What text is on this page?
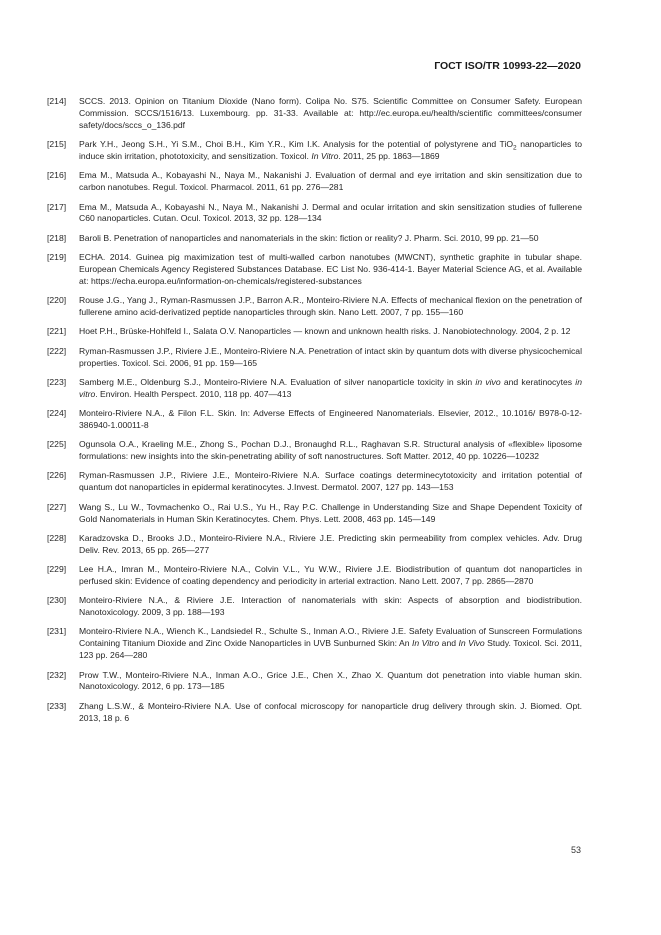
ГОСТ ISO/TR 10993-22—2020
[214] SCCS. 2013. Opinion on Titanium Dioxide (Nano form). Colipa No. S75. Scientific Committee on Consumer Safety. European Commission. SCCS/1516/13. Luxembourg. pp. 31-33. Available at: http://ec.europa.eu/health/scientific committees/consumer safety/docs/sccs_o_136.pdf
[215] Park Y.H., Jeong S.H., Yi S.M., Choi B.H., Kim Y.R., Kim I.K. Analysis for the potential of polystyrene and TiO$_2$ nanoparticles to induce skin irritation, phototoxicity, and sensitization. Toxicol. In Vitro. 2011, 25 pp. 1863—1869
[216] Ema M., Matsuda A., Kobayashi N., Naya M., Nakanishi J. Evaluation of dermal and eye irritation and skin sensitization due to carbon nanotubes. Regul. Toxicol. Pharmacol. 2011, 61 pp. 276—281
[217] Ema M., Matsuda A., Kobayashi N., Naya M., Nakanishi J. Dermal and ocular irritation and skin sensitization studies of fullerene C60 nanoparticles. Cutan. Ocul. Toxicol. 2013, 32 pp. 128—134
[218] Baroli B. Penetration of nanoparticles and nanomaterials in the skin: fiction or reality? J. Pharm. Sci. 2010, 99 pp. 21—50
[219] ECHA. 2014. Guinea pig maximization test of multi-walled carbon nanotubes (MWCNT), synthetic graphite in tubular shape. European Chemicals Agency Registered Substances Database. EC List No. 936-414-1. Bayer Material Science AG, et al. Available at: https://echa.europa.eu/information-on-chemicals/registered-substances
[220] Rouse J.G., Yang J., Ryman-Rasmussen J.P., Barron A.R., Monteiro-Riviere N.A. Effects of mechanical flexion on the penetration of fullerene amino acid-derivatized peptide nanoparticles through skin. Nano Lett. 2007, 7 pp. 155—160
[221] Hoet P.H., Brüske-Hohlfeld I., Salata O.V. Nanoparticles — known and unknown health risks. J. Nanobiotechnology. 2004, 2 p. 12
[222] Ryman-Rasmussen J.P., Riviere J.E., Monteiro-Riviere N.A. Penetration of intact skin by quantum dots with diverse physicochemical properties. Toxicol. Sci. 2006, 91 pp. 159—165
[223] Samberg M.E., Oldenburg S.J., Monteiro-Riviere N.A. Evaluation of silver nanoparticle toxicity in skin in vivo and keratinocytes in vitro. Environ. Health Perspect. 2010, 118 pp. 407—413
[224] Monteiro-Riviere N.A., & Filon F.L. Skin. In: Adverse Effects of Engineered Nanomaterials. Elsevier, 2012., 10.1016/ B978-0-12-386940-1.00011-8
[225] Ogunsola O.A., Kraeling M.E., Zhong S., Pochan D.J., Bronaughd R.L., Raghavan S.R. Structural analysis of «flexible» liposome formulations: new insights into the skin-penetrating ability of soft nanostructures. Soft Matter. 2012, 40 pp. 10226—10232
[226] Ryman-Rasmussen J.P., Riviere J.E., Monteiro-Riviere N.A. Surface coatings determinecytotoxicity and irritation potential of quantum dot nanoparticles in epidermal keratinocytes. J.Invest. Dermatol. 2007, 127 pp. 143—153
[227] Wang S., Lu W., Tovmachenko O., Rai U.S., Yu H., Ray P.C. Challenge in Understanding Size and Shape Dependent Toxicity of Gold Nanomaterials in Human Skin Keratinocytes. Chem. Phys. Lett. 2008, 463 pp. 145—149
[228] Karadzovska D., Brooks J.D., Monteiro-Riviere N.A., Riviere J.E. Predicting skin permeability from complex vehicles. Adv. Drug Deliv. Rev. 2013, 65 pp. 265—277
[229] Lee H.A., Imran M., Monteiro-Riviere N.A., Colvin V.L., Yu W.W., Riviere J.E. Biodistribution of quantum dot nanoparticles in perfused skin: Evidence of coating dependency and periodicity in arterial extraction. Nano Lett. 2007, 7 pp. 2865—2870
[230] Monteiro-Riviere N.A., & Riviere J.E. Interaction of nanomaterials with skin: Aspects of absorption and biodistribution. Nanotoxicology. 2009, 3 pp. 188—193
[231] Monteiro-Riviere N.A., Wiench K., Landsiedel R., Schulte S., Inman A.O., Riviere J.E. Safety Evaluation of Sunscreen Formulations Containing Titanium Dioxide and Zinc Oxide Nanoparticles in UVB Sunburned Skin: An In Vitro and In Vivo Study. Toxicol. Sci. 2011, 123 pp. 264—280
[232] Prow T.W., Monteiro-Riviere N.A., Inman A.O., Grice J.E., Chen X., Zhao X. Quantum dot penetration into viable human skin. Nanotoxicology. 2012, 6 pp. 173—185
[233] Zhang L.S.W., & Monteiro-Riviere N.A. Use of confocal microscopy for nanoparticle drug delivery through skin. J. Biomed. Opt. 2013, 18 p. 6
53
